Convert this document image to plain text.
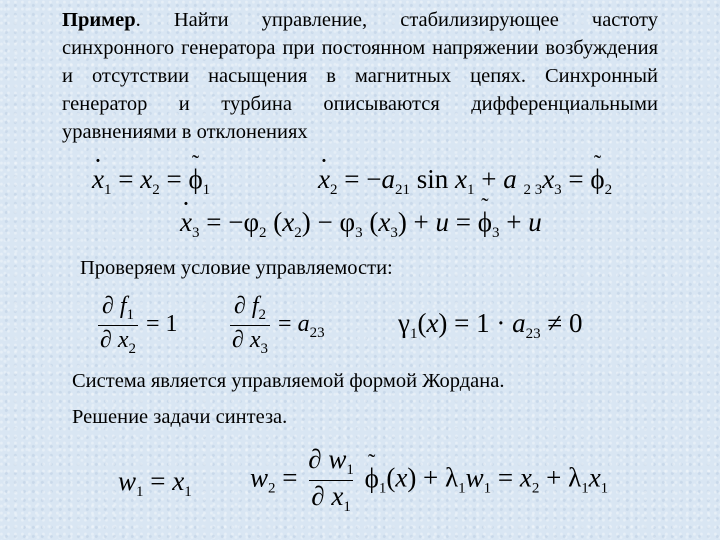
Пример. Найти управление, стабилизирующее частоту синхронного генератора при постоянном напряжении возбуждения и отсутствии насыщения в магнитных цепях. Синхронный генератор и турбина описываются дифференциальными уравнениями в отклонениях
· $x_1 = x_2$ = ˜ $\phi_1$	· $x_2 = -a_{21}$ $\sin x_1 + a$ $_{2 3}x_3$ = ˜ $\phi_2$
· $x_3 = -\varphi_2$ $(x_2) - \varphi_3$ $(x_3) + u$ = ˜ $\phi_3 + u$
Проверяем условие управляемости:
$\frac{\partial f_1}{\partial x_2} = 1 \frac{\partial f_2}{\partial x_3} = a_{23}$	$\gamma_1(x) = 1 \cdot a_{23} \ne 0$
Система является управляемой формой Жордана.
Решение задачи синтеза.
$w_1 = x_1$ $w_2 = \frac{\partial w_1}{\partial x_1}$ ˜ $\phi_1(x) + \lambda_1w_1 = x_2 + \lambda_1x_1$
